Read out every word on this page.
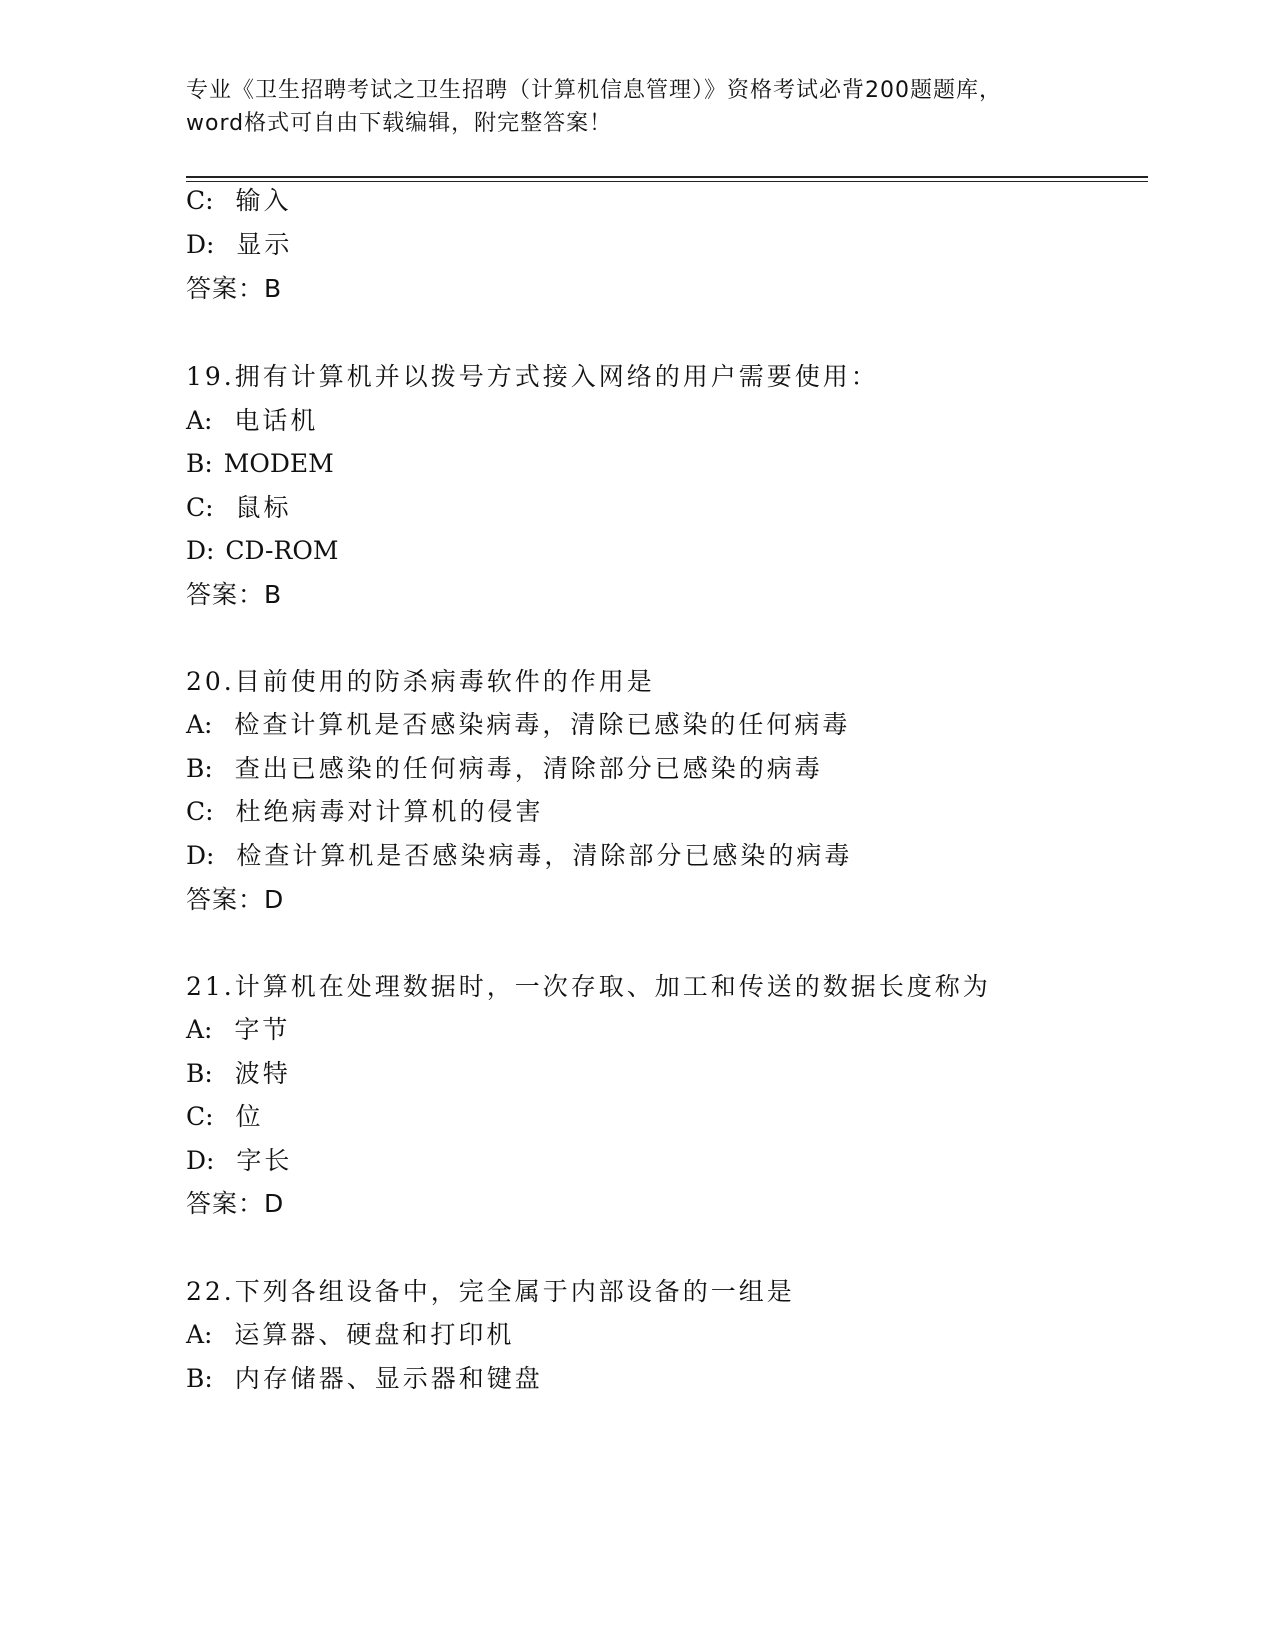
专业《卫生招聘考试之卫生招聘（计算机信息管理）》资格考试必背200题题库，
word格式可自由下载编辑，附完整答案！
C: 输入
D: 显示
答案：B
19.拥有计算机并以拨号方式接入网络的用户需要使用：
A: 电话机
B: MODEM
C: 鼠标
D: CD-ROM
答案：B
20.目前使用的防杀病毒软件的作用是
A: 检查计算机是否感染病毒，清除已感染的任何病毒
B: 查出已感染的任何病毒，清除部分已感染的病毒
C: 杜绝病毒对计算机的侵害
D: 检查计算机是否感染病毒，清除部分已感染的病毒
答案：D
21.计算机在处理数据时，一次存取、加工和传送的数据长度称为
A: 字节
B: 波特
C: 位
D: 字长
答案：D
22.下列各组设备中，完全属于内部设备的一组是
A: 运算器、硬盘和打印机
B: 内存储器、显示器和键盘
